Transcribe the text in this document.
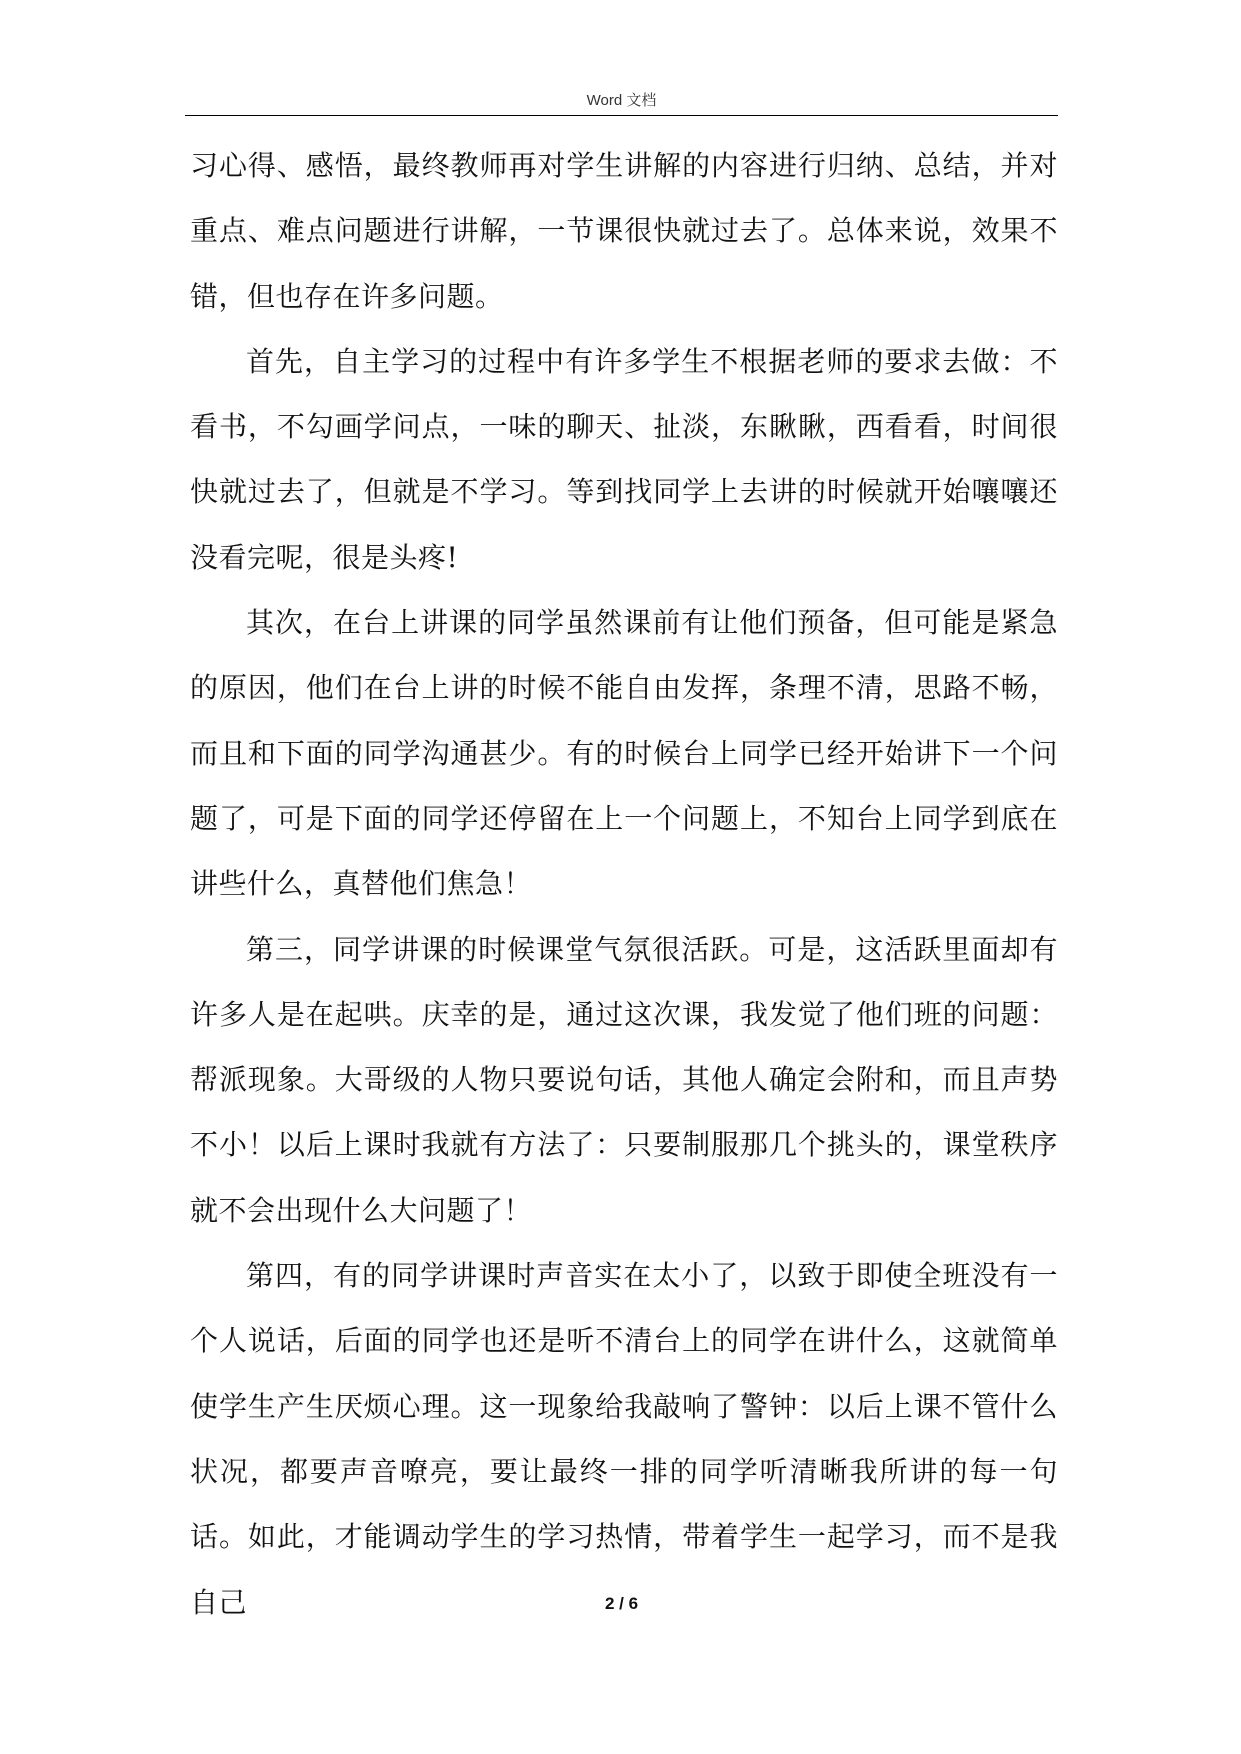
Word 文档

习心得、感悟，最终教师再对学生讲解的内容进行归纳、总结，并对重点、难点问题进行讲解，一节课很快就过去了。总体来说，效果不错，但也存在许多问题。

首先，自主学习的过程中有许多学生不根据老师的要求去做：不看书，不勾画学问点，一味的聊天、扯淡，东瞅瞅，西看看，时间很快就过去了，但就是不学习。等到找同学上去讲的时候就开始嚷嚷还没看完呢，很是头疼!

其次，在台上讲课的同学虽然课前有让他们预备，但可能是紧急的原因，他们在台上讲的时候不能自由发挥，条理不清，思路不畅，而且和下面的同学沟通甚少。有的时候台上同学已经开始讲下一个问题了，可是下面的同学还停留在上一个问题上，不知台上同学到底在讲些什么，真替他们焦急！

第三，同学讲课的时候课堂气氛很活跃。可是，这活跃里面却有许多人是在起哄。庆幸的是，通过这次课，我发觉了他们班的问题：帮派现象。大哥级的人物只要说句话，其他人确定会附和，而且声势不小！以后上课时我就有方法了：只要制服那几个挑头的，课堂秩序就不会出现什么大问题了！

第四，有的同学讲课时声音实在太小了，以致于即使全班没有一个人说话，后面的同学也还是听不清台上的同学在讲什么，这就简单使学生产生厌烦心理。这一现象给我敲响了警钟：以后上课不管什么状况，都要声音嘹亮，要让最终一排的同学听清晰我所讲的每一句话。如此，才能调动学生的学习热情，带着学生一起学习，而不是我自己	2 / 6
